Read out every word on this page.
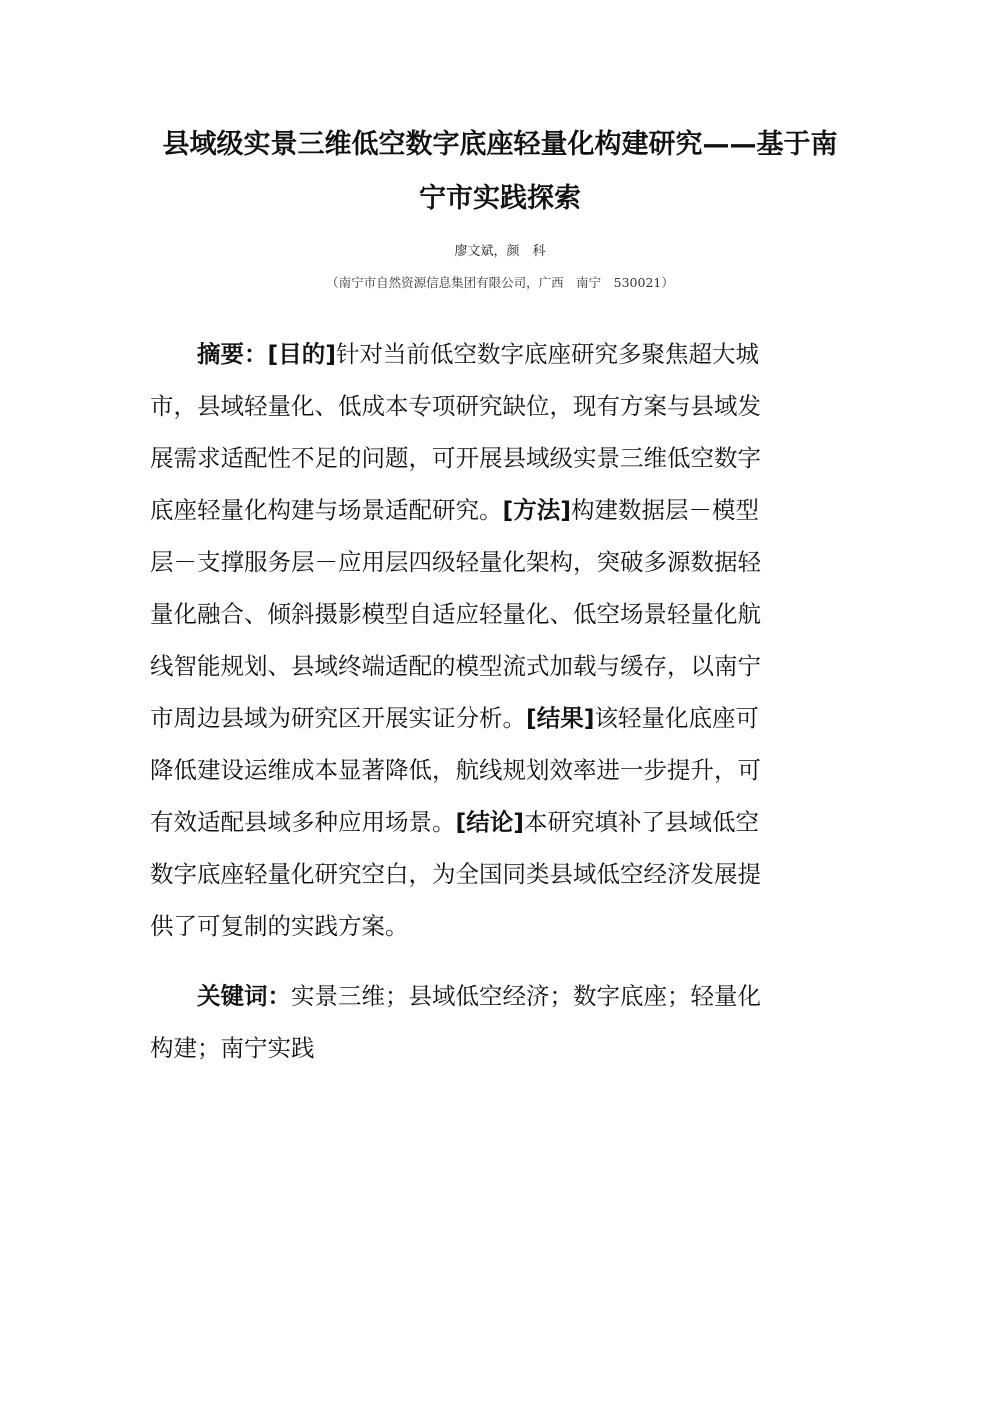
县域级实景三维低空数字底座轻量化构建研究——基于南
宁市实践探索
廖文斌，颜　科
（南宁市自然资源信息集团有限公司，广西　南宁　530021）
摘要：[目的]针对当前低空数字底座研究多聚焦超大城
市，县域轻量化、低成本专项研究缺位，现有方案与县域发
展需求适配性不足的问题，可开展县域级实景三维低空数字
底座轻量化构建与场景适配研究。[方法]构建数据层－模型
层－支撑服务层－应用层四级轻量化架构，突破多源数据轻
量化融合、倾斜摄影模型自适应轻量化、低空场景轻量化航
线智能规划、县域终端适配的模型流式加载与缓存，以南宁
市周边县域为研究区开展实证分析。[结果]该轻量化底座可
降低建设运维成本显著降低，航线规划效率进一步提升，可
有效适配县域多种应用场景。[结论]本研究填补了县域低空
数字底座轻量化研究空白，为全国同类县域低空经济发展提
供了可复制的实践方案。
关键词：实景三维；县域低空经济；数字底座；轻量化
构建；南宁实践
